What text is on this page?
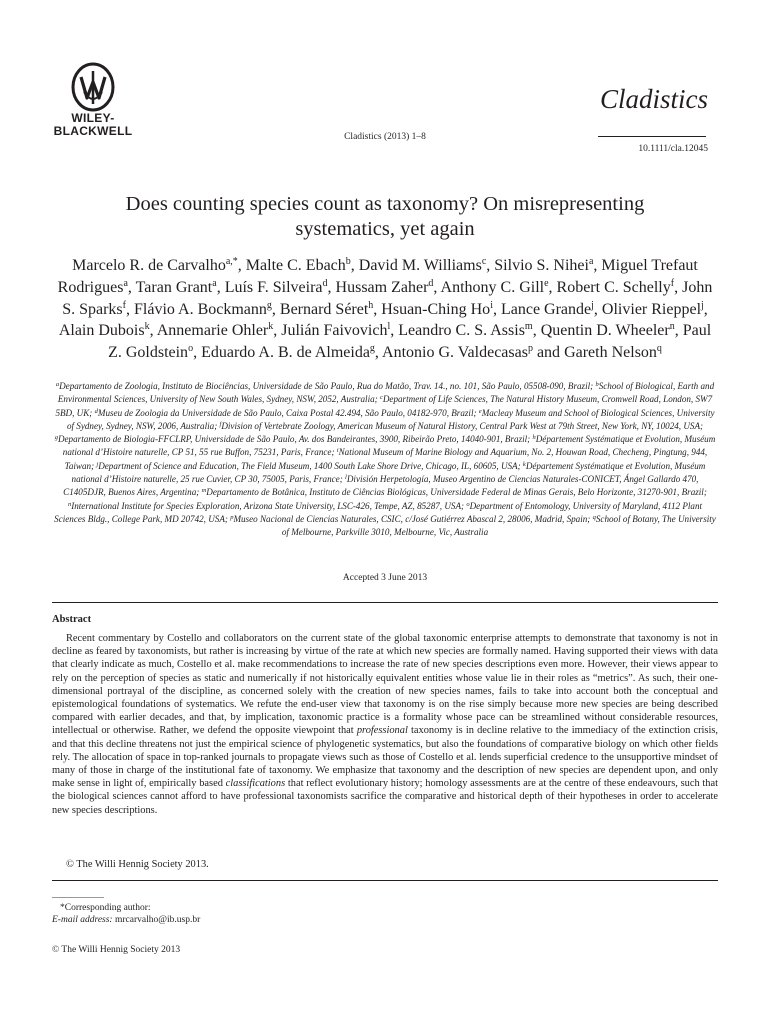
WILEY-
BLACKWELL	Cladistics (2013) 1–8
Cladistics
10.1111/cla.12045
Does counting species count as taxonomy? On misrepresenting
systematics, yet again
Marcelo R. de Carvalho$^{a,*}$, Malte C. Ebach$^b$, David M. Williams$^c$, Silvio S. Nihei$^a$, Miguel Trefaut Rodrigues$^a$, Taran Grant$^a$, Luís F. Silveira$^d$, Hussam Zaher$^d$, Anthony C. Gill$^e$, Robert C. Schelly$^f$, John S. Sparks$^f$, Flávio A. Bockmann$^g$, Bernard Séret$^h$, Hsuan-Ching Ho$^i$, Lance Grande$^j$, Olivier Rieppel$^j$, Alain Dubois$^k$, Annemarie Ohler$^k$, Julián Faivovich$^l$, Leandro C. S. Assis$^m$, Quentin D. Wheeler$^n$, Paul Z. Goldstein$^o$, Eduardo A. B. de Almeida$^g$, Antonio G. Valdecasas$^p$ and Gareth Nelson$^q$
$^a$Departamento de Zoologia, Instituto de Biociências, Universidade de São Paulo, Rua do Matão, Trav. 14., no. 101, São Paulo, 05508-090, Brazil; $^b$School of Biological, Earth and Environmental Sciences, University of New South Wales, Sydney, NSW, 2052, Australia; $^c$Department of Life Sciences, The Natural History Museum, Cromwell Road, London, SW7 5BD, UK; $^d$Museu de Zoologia da Universidade de São Paulo, Caixa Postal 42.494, São Paulo, 04182-970, Brazil; $^e$Macleay Museum and School of Biological Sciences, University of Sydney, Sydney, NSW, 2006, Australia; $^f$Division of Vertebrate Zoology, American Museum of Natural History, Central Park West at 79th Street, New York, NY, 10024, USA; $^g$Departamento de Biologia-FFCLRP, Universidade de São Paulo, Av. dos Bandeirantes, 3900, Ribeirão Preto, 14040-901, Brazil; $^h$Département Systématique et Evolution, Muséum national d’Histoire naturelle, CP 51, 55 rue Buffon, 75231, Paris, France; $^i$National Museum of Marine Biology and Aquarium, No. 2, Houwan Road, Checheng, Pingtung, 944, Taiwan; $^j$Department of Science and Education, The Field Museum, 1400 South Lake Shore Drive, Chicago, IL, 60605, USA; $^k$Département Systématique et Evolution, Muséum national d’Histoire naturelle, 25 rue Cuvier, CP 30, 75005, Paris, France; $^l$División Herpetología, Museo Argentino de Ciencias Naturales-CONICET, Ángel Gallardo 470, C1405DJR, Buenos Aires, Argentina; $^m$Departamento de Botânica, Instituto de Ciências Biológicas, Universidade Federal de Minas Gerais, Belo Horizonte, 31270-901, Brazil; $^n$International Institute for Species Exploration, Arizona State University, LSC-426, Tempe, AZ, 85287, USA; $^o$Department of Entomology, University of Maryland, 4112 Plant Sciences Bldg., College Park, MD 20742, USA; $^p$Museo Nacional de Ciencias Naturales, CSIC, c/José Gutiérrez Abascal 2, 28006, Madrid, Spain; $^q$School of Botany, The University of Melbourne, Parkville 3010, Melbourne, Vic, Australia
Accepted 3 June 2013
Abstract
Recent commentary by Costello and collaborators on the current state of the global taxonomic enterprise attempts to demonstrate that taxonomy is not in decline as feared by taxonomists, but rather is increasing by virtue of the rate at which new species are formally named. Having supported their views with data that clearly indicate as much, Costello et al. make recommendations to increase the rate of new species descriptions even more. However, their views appear to rely on the perception of species as static and numerically if not historically equivalent entities whose value lie in their roles as “metrics”. As such, their one-dimensional portrayal of the discipline, as concerned solely with the creation of new species names, fails to take into account both the conceptual and epistemological foundations of systematics. We refute the end-user view that taxonomy is on the rise simply because more new species are being described compared with earlier decades, and that, by implication, taxonomic practice is a formality whose pace can be streamlined without considerable resources, intellectual or otherwise. Rather, we defend the opposite viewpoint that professional taxonomy is in decline relative to the immediacy of the extinction crisis, and that this decline threatens not just the empirical science of phylogenetic systematics, but also the foundations of comparative biology on which other fields rely. The allocation of space in top-ranked journals to propagate views such as those of Costello et al. lends superficial credence to the unsupportive mindset of many of those in charge of the institutional fate of taxonomy. We emphasize that taxonomy and the description of new species are dependent upon, and only make sense in light of, empirically based classifications that reflect evolutionary history; homology assessments are at the centre of these endeavours, such that the biological sciences cannot afford to have professional taxonomists sacrifice the comparative and historical depth of their hypotheses in order to accelerate new species descriptions.
© The Willi Hennig Society 2013.
*Corresponding author:
E-mail address: mrcarvalho@ib.usp.br
© The Willi Hennig Society 2013
